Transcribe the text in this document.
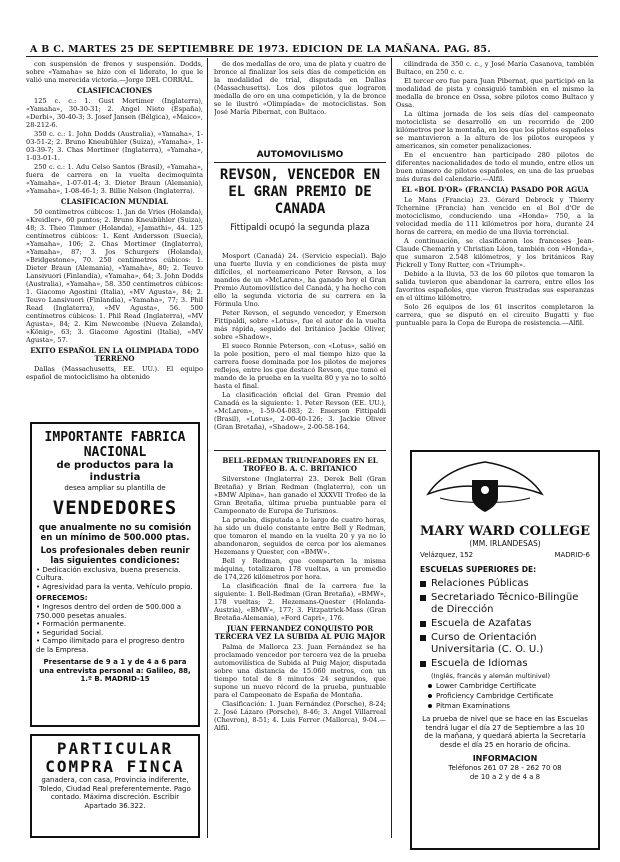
A B C. MARTES 25 DE SEPTIEMBRE DE 1973. EDICION DE LA MAÑANA. PAG. 85.

con suspensión de frenos y suspensión. Dodds, sobre «Yamaha» se hizo con el liderato, lo que le valió una merecida victoria.—Jorge DEL CORRAL.

CLASIFICACIONES

125 c. c.: 1. Gust Mortimer (Inglaterra), «Yamaha», 30-30-31; 2. Angel Nieto (España), «Derbi», 30-40-3; 3. Josef Jansen (Bélgica), «Maico», 28-212-6.

350 c. c.: 1. John Dodds (Australia), «Yamaha», 1-03-51-2; 2. Bruno Kneubühler (Suiza), «Yamaha», 1-03-39-7; 3. Chas Mortimer (Inglaterra), «Yamaha», 1-03-01-1.

250 c. c.: 1. Adu Celso Santos (Brasil), «Yamaha», fuera de carrera en la vuelta decimoquinta «Yamaha», 1-07-01-4; 3. Dieter Braun (Alemania), «Yamaha», 1-08-46-1; 3. Billie Nelson (Inglaterra).

CLASIFICACION MUNDIAL

50 centímetros cúbicos: 1. Jan de Vries (Holanda), «Kreidler», 60 puntos; 2. Bruno Kneubühler (Suiza), 48; 3. Theo Timmer (Holanda), «Jamathi», 44. 125 centímetros cúbicos: 1. Kent Andersson (Suecia), «Yamaha», 106; 2. Chas Mortimer (Inglaterra), «Yamaha», 87; 3. Jos Schurgers (Holanda), «Bridgestone», 70. 250 centímetros cúbicos: 1. Dieter Braun (Alemania), «Yamaha», 80; 2. Teuvo Lansivuori (Finlandia), «Yamaha», 64; 3. John Dodds (Australia), «Yamaha», 58. 350 centímetros cúbicos: 1. Giacomo Agostini (Italia), «MV Agusta», 84; 2. Teuvo Lansivuori (Finlandia), «Yamaha», 77; 3. Phil Read (Inglaterra), «MV Agusta», 56. 500 centímetros cúbicos: 1. Phil Read (Inglaterra), «MV Agusta», 84; 2. Kim Newcombe (Nueva Zelanda), «König», 63; 3. Giacomo Agostini (Italia), «MV Agusta», 57.

EXITO ESPAÑOL EN LA OLIMPIADA TODO TERRENO

Dallas (Massachusetts, EE. UU.). El equipo español de motociclismo ha obtenido

de dos medallas de oro, una de plata y cuatro de bronce al finalizar los seis días de competición en la modalidad de trial, disputada en Dallas (Massachusetts). Los dos pilotos que lograron medalla de oro en una competición, y la de bronce se le ilustró «Olimpíada» de motociclistas. Son José María Pibernat, con Bultaco.

AUTOMOVILISMO
REVSON, VENCEDOR EN EL GRAN PREMIO DE CANADA
Fittipaldi ocupó la segunda plaza

Mosport (Canadá) 24. (Servicio especial). Bajo una fuerte lluvia y en condiciones de pista muy difíciles, el norteamericano Peter Revson, a los mandos de un «McLaren», ha ganado hoy el Gran Premio Automovilístico del Canadá, y ha hecho con ello la segunda victoria de su carrera en la Fórmula Uno.

Peter Revson, el segundo vencedor, y Emerson Fittipaldi, sobre «Lotus», fue el autor de la vuelta más rápida, seguido del británico Jackie Oliver, sobre «Shadow».

El sueco Ronnie Peterson, con «Lotus», salió en la pole position, pero el mal tiempo hizo que la carrera fuese dominada por los pilotos de mejores reflejos, entre los que destacó Revson, que tomó el mando de la prueba en la vuelta 80 y ya no lo soltó hasta el final.

La clasificación oficial del Gran Premio del Canadá es la siguiente: 1. Peter Revson (EE. UU.), «McLaren», 1-59-04-083; 2. Emerson Fittipaldi (Brasil), «Lotus», 2-00-40-126; 3. Jackie Oliver (Gran Bretaña), «Shadow», 2-00-58-164.

BELL-REDMAN TRIUNFADORES EN EL TROFEO B. A. C. BRITANICO

Silverstone (Inglaterra) 23. Derek Bell (Gran Bretaña) y Brian Redman (Inglaterra), con un «BMW Alpina», han ganado el XXXVII Trofeo de la Gran Bretaña, última prueba puntuable para el Campeonato de Europa de Turismos.

La prueba, disputada a lo largo de cuatro horas, ha sido un duelo constante entre Bell y Redman, que tomaron el mando en la vuelta 20 y ya no lo abandonaron, seguidos de cerca por los alemanes Hezemans y Quester, con «BMW».

Bell y Redman, que comparten la misma máquina, totalizaron 178 vueltas, a un promedio de 174,226 kilómetros por hora.

La clasificación final de la carrera fue la siguiente: 1. Bell-Redman (Gran Bretaña), «BMW», 178 vueltas; 2. Hezemans-Quester (Holanda-Austria), «BMW», 177; 3. Fitzpatrick-Mass (Gran Bretaña-Alemania), «Ford Capri», 176.

JUAN FERNANDEZ CONQUISTO POR TERCERA VEZ LA SUBIDA AL PUIG MAJOR

Palma de Mallorca 23. Juan Fernández se ha proclamado vencedor por tercera vez de la prueba automovilística de Subida al Puig Major, disputada sobre una distancia de 15.060 metros, con un tiempo total de 8 minutos 24 segundos, que supone un nuevo récord de la prueba, puntuable para el Campeonato de España de Montaña.

Clasificación: 1. Juan Fernández (Porsche), 8-24; 2. José Lázaro (Porsche), 8-46; 3. Angel Villarreal (Chevron), 8-51; 4. Luis Ferrer (Mallorca), 9-04.—Alfil.

cilindrada de 350 c. c., y José María Casanova, también Bultaco, en 250 c. c.

El tercer oro fue para Juan Pibernat, que participó en la modalidad de pista y consiguió también en el mismo la medalla de bronce en Ossa, sobre pilotos como Bultaco y Ossa.

La última jornada de los seis días del campeonato motociclista se desarrolló en un recorrido de 200 kilómetros por la montaña, en los que los pilotos españoles se mantuvieron a la altura de los pilotos europeos y americanos, sin cometer penalizaciones.

En el encuentro han participado 280 pilotos de diferentes nacionalidades de todo el mundo, entre ellos un buen número de pilotos españoles, en una de las pruebas más duras del calendario.—Alfil.

EL «BOL D'OR» (FRANCIA) PASADO POR AGUA

Le Mans (Francia) 23. Gérard Debrock y Thierry Tchernine (Francia) han vencido en el Bol d'Or de motociclismo, conduciendo una «Honda» 750, a la velocidad media de 111 kilómetros por hora, durante 24 horas de carrera, en medio de una lluvia torrencial.

A continuación, se clasificaron los franceses Jean-Claude Chemarin y Christian Léon, también con «Honda», que sumaron 2.548 kilómetros, y los británicos Ray Pickrell y Tony Rutter, con «Triumph».

Debido a la lluvia, 53 de los 60 pilotos que tomaron la salida tuvieron que abandonar la carrera, entre ellos los favoritos españoles, que vieron frustradas sus esperanzas en el último kilómetro.

Solo 26 equipos de los 61 inscritos completaron la carrera, que se disputó en el circuito Bugatti y fue puntuable para la Copa de Europa de resistencia.—Alfil.

IMPORTANTE FABRICA NACIONAL
de productos para la industria
desea ampliar su plantilla de
VENDEDORES
que anualmente no su comisión en un mínimo de 500.000 ptas.
Los profesionales deben reunir las siguientes condiciones:
• Dedicación exclusiva, buena presencia. Cultura.
• Agresividad para la venta. Vehículo propio.
OFRECEMOS:
• Ingresos dentro del orden de 500.000 a 750.000 pesetas anuales.
• Formación permanente.
• Seguridad Social.
• Campo ilimitado para el progreso dentro de la Empresa.
Presentarse de 9 a 1 y de 4 a 6 para una entrevista personal a: Galileo, 88, 1.º B. MADRID-15
PARTICULAR
COMPRA FINCA
ganadera, con casa, Provincia indiferente, Toledo, Ciudad Real preferentemente. Pago contado. Máxima discreción. Escribir Apartado 36.322.
MARY WARD COLLEGE
(MM. IRLANDESAS)
Velázquez, 152	MADRID-6
ESCUELAS SUPERIORES DE:
Relaciones Públicas
Secretariado Técnico-Bilingüe de Dirección
Escuela de Azafatas
Curso de Orientación Universitaria (C. O. U.)
Escuela de Idiomas
(Inglés, francés y alemán multinivel)
Lower Cambridge Certificate
Proficiency Cambridge Certificate
Pitman Examinations
La prueba de nivel que se hace en las Escuelas tendrá lugar el día 27 de Septiembre a las 10 de la mañana, y quedará abierta la Secretaría desde el día 25 en horario de oficina.
INFORMACION
Teléfonos 261 07 28 - 262 70 08
de 10 a 2 y de 4 a 8
